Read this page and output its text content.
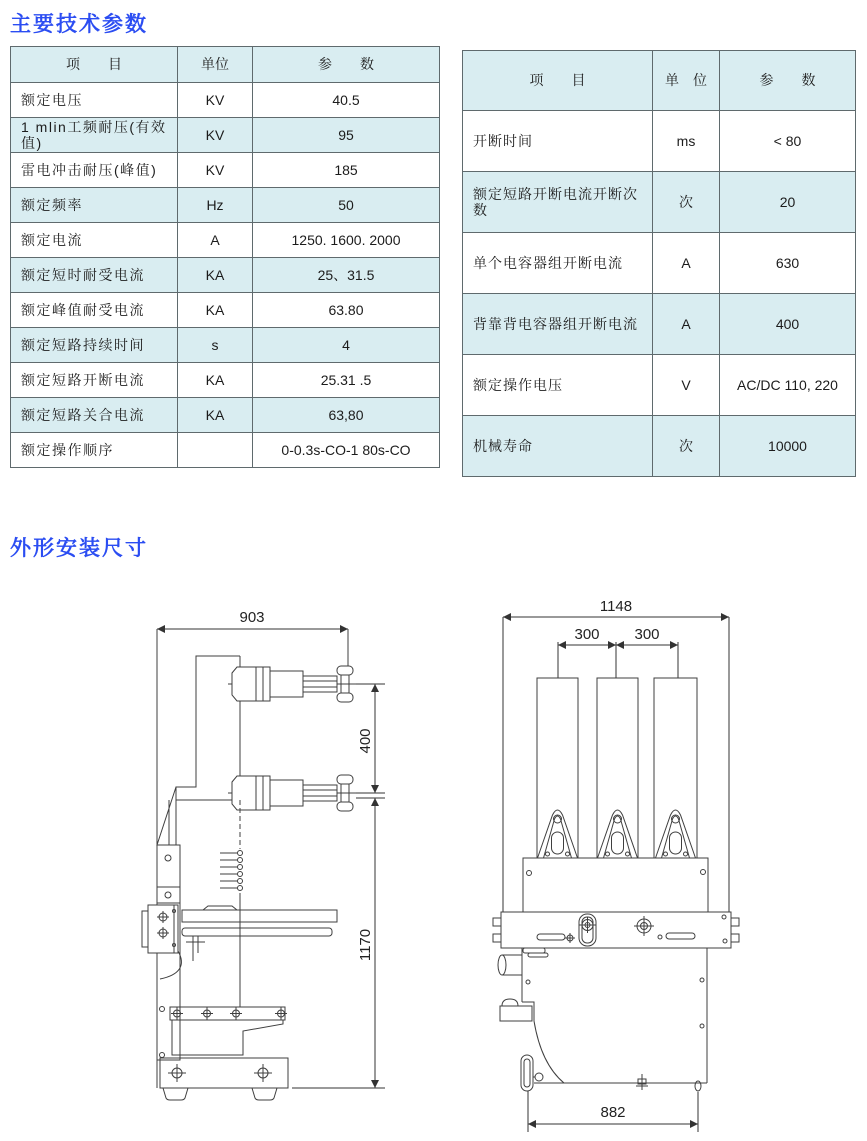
主要技术参数
项　　目	单位	参　　数
额定电压	KV	40.5
1 mlin工频耐压(有效值)	KV	95
雷电冲击耐压(峰值)	KV	185
额定频率	Hz	50
额定电流	A	1250. 1600. 2000
额定短时耐受电流	KA	25、31.5
额定峰值耐受电流	KA	63.80
额定短路持续时间	s	4
额定短路开断电流	KA	25.31 .5
额定短路关合电流	KA	63,80
额定操作顺序		0-0.3s-CO-1 80s-CO
项　　目	单　位	参　　数
开断时间	ms	< 80
额定短路开断电流开断次数	次	20
单个电容器组开断电流	A	630
背靠背电容器组开断电流	A	400
额定操作电压	V	AC/DC 110, 220
机械寿命	次	10000
外形安装尺寸
903
400
1170
1148
300 300
882
